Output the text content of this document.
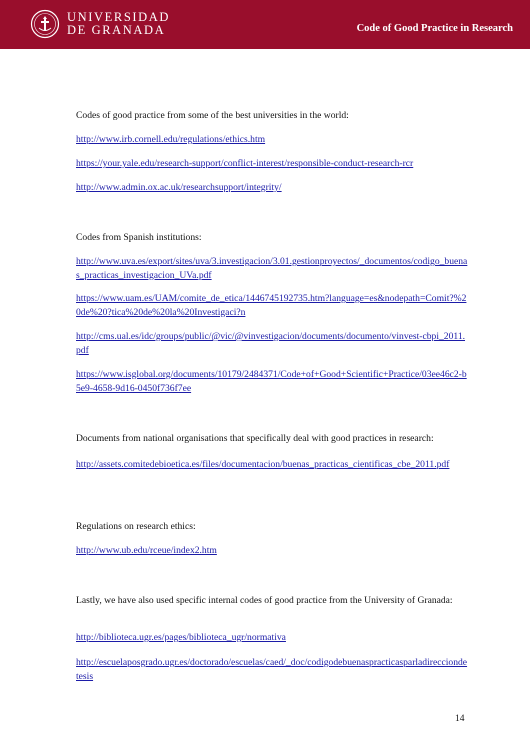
UNIVERSIDAD
DE GRANADA	Code of Good Practice in Research

Codes of good practice from some of the best universities in the world:

http://www.irb.cornell.edu/regulations/ethics.htm
https://your.yale.edu/research-support/conflict-interest/responsible-conduct-research-rcr
http://www.admin.ox.ac.uk/researchsupport/integrity/

Codes from Spanish institutions:

http://www.uva.es/export/sites/uva/3.investigacion/3.01.gestionproyectos/_documentos/codigo_buenas_practicas_investigacion_UVa.pdf
https://www.uam.es/UAM/comite_de_etica/1446745192735.htm?language=es&nodepath=Comit?%20de%20?tica%20de%20la%20Investigaci?n
http://cms.ual.es/idc/groups/public/@vic/@vinvestigacion/documents/documento/vinvest-cbpi_2011.pdf
https://www.isglobal.org/documents/10179/2484371/Code+of+Good+Scientific+Practice/03ee46c2-b5e9-4658-9d16-0450f736f7ee

Documents from national organisations that specifically deal with good practices in research:

http://assets.comitedebioetica.es/files/documentacion/buenas_practicas_cientificas_cbe_2011.pdf

Regulations on research ethics:

http://www.ub.edu/rceue/index2.htm

Lastly, we have also used specific internal codes of good practice from the University of Granada:

http://biblioteca.ugr.es/pages/biblioteca_ugr/normativa
http://escuelaposgrado.ugr.es/doctorado/escuelas/caed/_doc/codigodebuenaspracticasparladirecciondetesis
14
